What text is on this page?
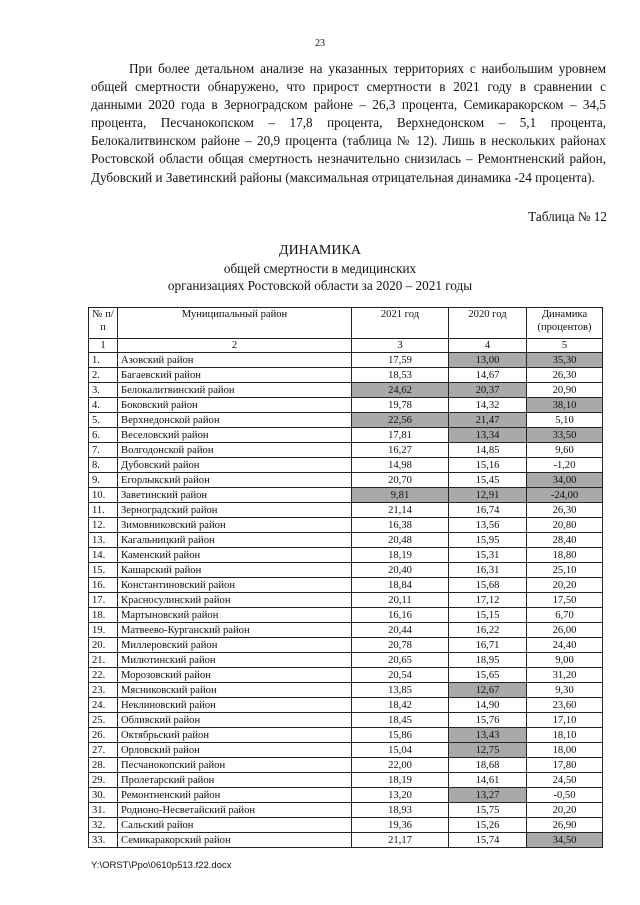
23

При более детальном анализе на указанных территориях с наибольшим уровнем общей смертности обнаружено, что прирост смертности в 2021 году в сравнении с данными 2020 года в Зерноградском районе – 26,3 процента, Семикаракорском – 34,5 процента, Песчанокопском – 17,8 процента, Верхнедонском – 5,1 процента, Белокалитвинском районе – 20,9 процента (таблица № 12). Лишь в нескольких районах Ростовской области общая смертность незначительно снизилась – Ремонтненский район, Дубовский и Заветинский районы (максимальная отрицательная динамика -24 процента).

Таблица № 12
ДИНАМИКА
общей смертности в медицинских
организациях Ростовской области за 2020 – 2021 годы
№ п/п	Муниципальный район	2021 год	2020 год	Динамика (процентов)
1	2	3	4	5
1.	Азовский район	17,59	13,00	35,30
2.	Багаевский район	18,53	14,67	26,30
3.	Белокалитвинский район	24,62	20,37	20,90
4.	Боковский район	19,78	14,32	38,10
5.	Верхнедонской район	22,56	21,47	5,10
6.	Веселовский район	17,81	13,34	33,50
7.	Волгодонской район	16,27	14,85	9,60
8.	Дубовский район	14,98	15,16	-1,20
9.	Егорлыкский район	20,70	15,45	34,00
10.	Заветинский район	9,81	12,91	-24,00
11.	Зерноградский район	21,14	16,74	26,30
12.	Зимовниковский район	16,38	13,56	20,80
13.	Кагальницкий район	20,48	15,95	28,40
14.	Каменский район	18,19	15,31	18,80
15.	Кашарский район	20,40	16,31	25,10
16.	Константиновский район	18,84	15,68	20,20
17.	Красносулинский район	20,11	17,12	17,50
18.	Мартыновский район	16,16	15,15	6,70
19.	Матвеево-Курганский район	20,44	16,22	26,00
20.	Миллеровский район	20,78	16,71	24,40
21.	Милютинский район	20,65	18,95	9,00
22.	Морозовский район	20,54	15,65	31,20
23.	Мясниковский район	13,85	12,67	9,30
24.	Неклиновский район	18,42	14,90	23,60
25.	Обливский район	18,45	15,76	17,10
26.	Октябрьский район	15,86	13,43	18,10
27.	Орловский район	15,04	12,75	18,00
28.	Песчанокопский район	22,00	18,68	17,80
29.	Пролетарский район	18,19	14,61	24,50
30.	Ремонтненский район	13,20	13,27	-0,50
31.	Родионо-Несветайский район	18,93	15,75	20,20
32.	Сальский район	19,36	15,26	26,90
33.	Семикаракорский район	21,17	15,74	34,50
Y:\ORST\Ppo\0610p513.f22.docx
